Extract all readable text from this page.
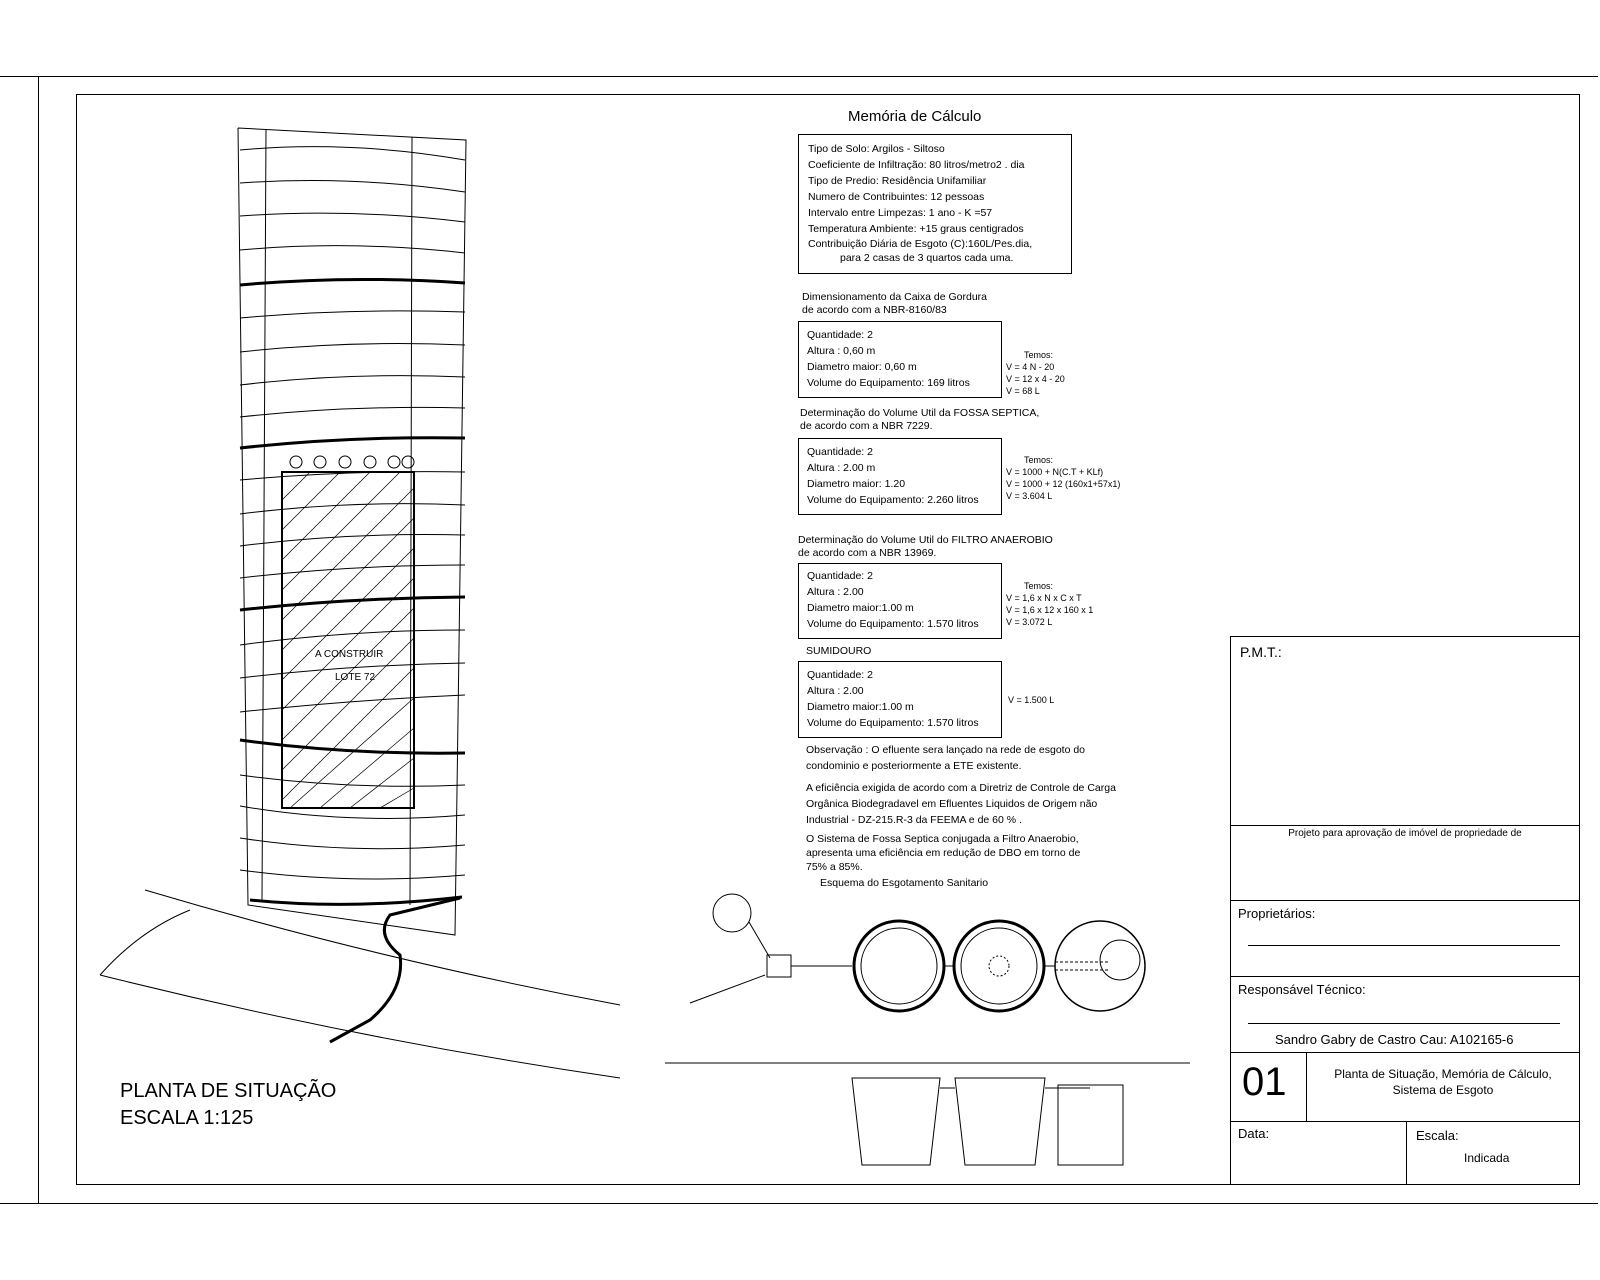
A CONSTRUIR
LOTE 72
PLANTA DE SITUAÇÃO
ESCALA 1:125
Memória de Cálculo
Tipo de Solo: Argilos - Siltoso
Coeficiente de Infiltração: 80 litros/metro2 . dia
Tipo de Predio: Residência Unifamiliar
Numero de Contribuintes: 12 pessoas
Intervalo entre Limpezas: 1 ano - K =57
Temperatura Ambiente: +15 graus centigrados
Contribuição Diária de Esgoto (C):160L/Pes.dia,
para 2 casas de 3 quartos cada uma.
Dimensionamento da Caixa de Gordura
de acordo com a NBR-8160/83
Quantidade: 2
Altura : 0,60 m
Diametro maior: 0,60 m
Volume do Equipamento: 169 litros
Temos:
V = 4 N - 20
V = 12 x 4 - 20
V = 68 L
Determinação do Volume Util da FOSSA SEPTICA,
de acordo com a NBR 7229.
Quantidade: 2
Altura : 2.00 m
Diametro maior: 1.20
Volume do Equipamento: 2.260 litros
Temos:
V = 1000 + N(C.T + KLf)
V = 1000 + 12 (160x1+57x1)
V = 3.604 L
Determinação do Volume Util do FILTRO ANAEROBIO
de acordo com a NBR 13969.
Quantidade: 2
Altura : 2.00
Diametro maior:1.00 m
Volume do Equipamento: 1.570 litros
Temos:
V = 1,6 x N x C x T
V = 1,6 x 12 x 160 x 1
V = 3.072 L
SUMIDOURO
Quantidade: 2
Altura : 2.00
Diametro maior:1.00 m
Volume do Equipamento: 1.570 litros
V = 1.500 L
Observação : O efluente sera lançado na rede de esgoto do
condominio e posteriormente a ETE existente.
A eficiência exigida de acordo com a Diretriz de Controle de Carga
Orgânica Biodegradavel em Efluentes Liquidos de Origem não
Industrial - DZ-215.R-3 da FEEMA e de 60 % .
O Sistema de Fossa Septica conjugada a Filtro Anaerobio,
apresenta uma eficiência em redução de DBO em torno de
75% a 85%.
Esquema do Esgotamento Sanitario
P.M.T.:
Projeto para aprovação de imóvel de propriedade de
Proprietários:
Responsável Técnico:
Sandro Gabry de Castro Cau: A102165-6
01	Planta de Situação, Memória de Cálculo,
Sistema de Esgoto
Data:	Escala:
Indicada
